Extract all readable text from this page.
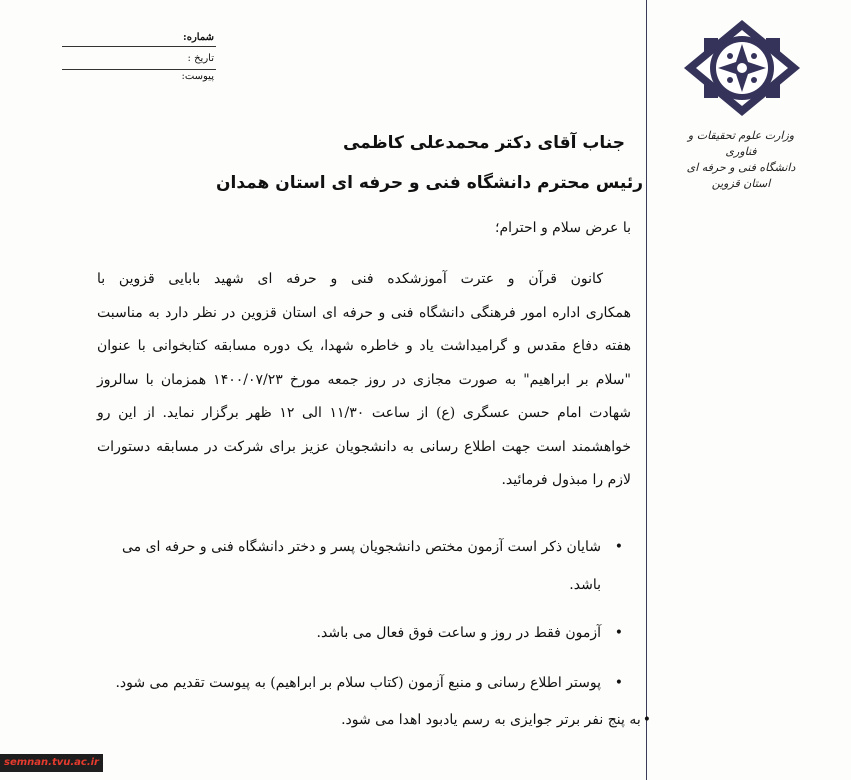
شماره:
تاریخ :
پیوست:
وزارت علوم تحقیقات و فناوری
دانشگاه فنی و حرفه ای استان قزوین
جناب آقای دکتر محمدعلی کاظمی
رئیس محترم دانشگاه فنی و حرفه ای استان همدان
با عرض سلام و احترام؛
کانون قرآن و عترت آموزشکده فنی و حرفه ای شهید بابایی قزوین با
همکاری اداره امور فرهنگی دانشگاه فنی و حرفه ای استان قزوین در نظر دارد به مناسبت
هفته دفاع مقدس و گرامیداشت یاد و خاطره شهدا، یک دوره مسابقه کتابخوانی با عنوان
"سلام بر ابراهیم" به صورت مجازی در روز جمعه مورخ ۱۴۰۰/۰۷/۲۳ همزمان با سالروز
شهادت امام حسن عسگری (ع) از ساعت ۱۱/۳۰ الی ۱۲ ظهر برگزار نماید. از این رو
خواهشمند است جهت اطلاع رسانی به دانشجویان عزیز برای شرکت در مسابقه دستورات
لازم را مبذول فرمائید.
•
شایان ذکر است آزمون مختص دانشجویان پسر و دختر دانشگاه فنی و حرفه ای می
باشد.
•
آزمون فقط در روز و ساعت فوق فعال می باشد.
•
پوستر اطلاع رسانی و منبع آزمون (کتاب سلام بر ابراهیم) به پیوست تقدیم می شود.
•به پنج نفر برتر جوایزی به رسم یادبود اهدا می شود.
semnan.tvu.ac.ir
